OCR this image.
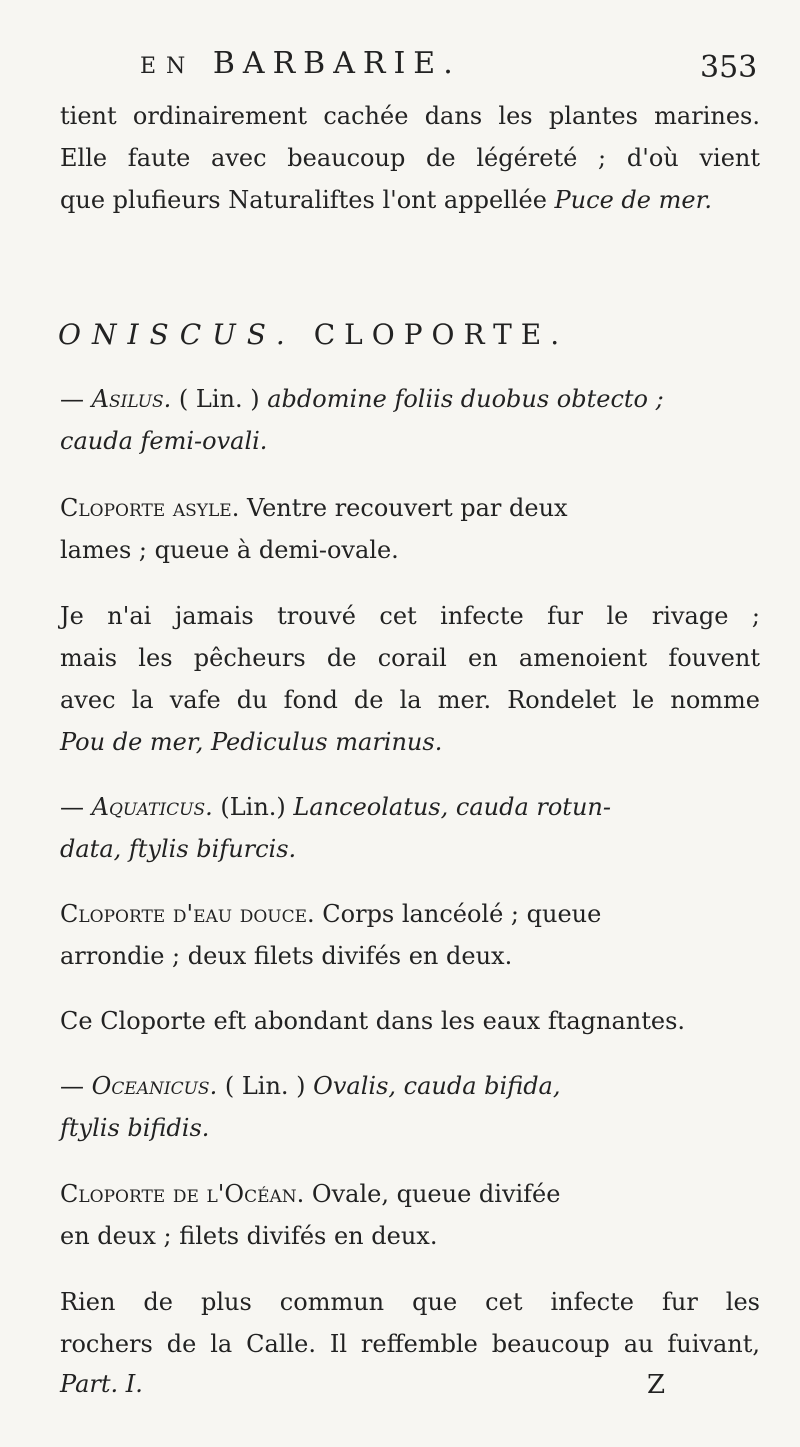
EN BARBARIE.	353
tient ordinairement cachée dans les plantes marines.
Elle faute avec beaucoup de légéreté ; d'où vient
que plufieurs Naturaliftes l'ont appellée Puce de mer.
ONISCUS. CLOPORTE.
— Asilus. ( Lin. ) abdomine foliis duobus obtecto ;
cauda femi-ovali.
Cloporte asyle. Ventre recouvert par deux
lames ; queue à demi-ovale.
Je n'ai jamais trouvé cet infecte fur le rivage ;
mais les pêcheurs de corail en amenoient fouvent
avec la vafe du fond de la mer. Rondelet le nomme
Pou de mer, Pediculus marinus.
— Aquaticus. (Lin.) Lanceolatus, cauda rotun-
data, ftylis bifurcis.
Cloporte d'eau douce. Corps lancéolé ; queue
arrondie ; deux filets divifés en deux.
Ce Cloporte eft abondant dans les eaux ftagnantes.
— Oceanicus. ( Lin. ) Ovalis, cauda bifida,
ftylis bifidis.
Cloporte de l'Océan. Ovale, queue divifée
en deux ; filets divifés en deux.
Rien de plus commun que cet infecte fur les
rochers de la Calle. Il reffemble beaucoup au fuivant,
Part. I.	Z
